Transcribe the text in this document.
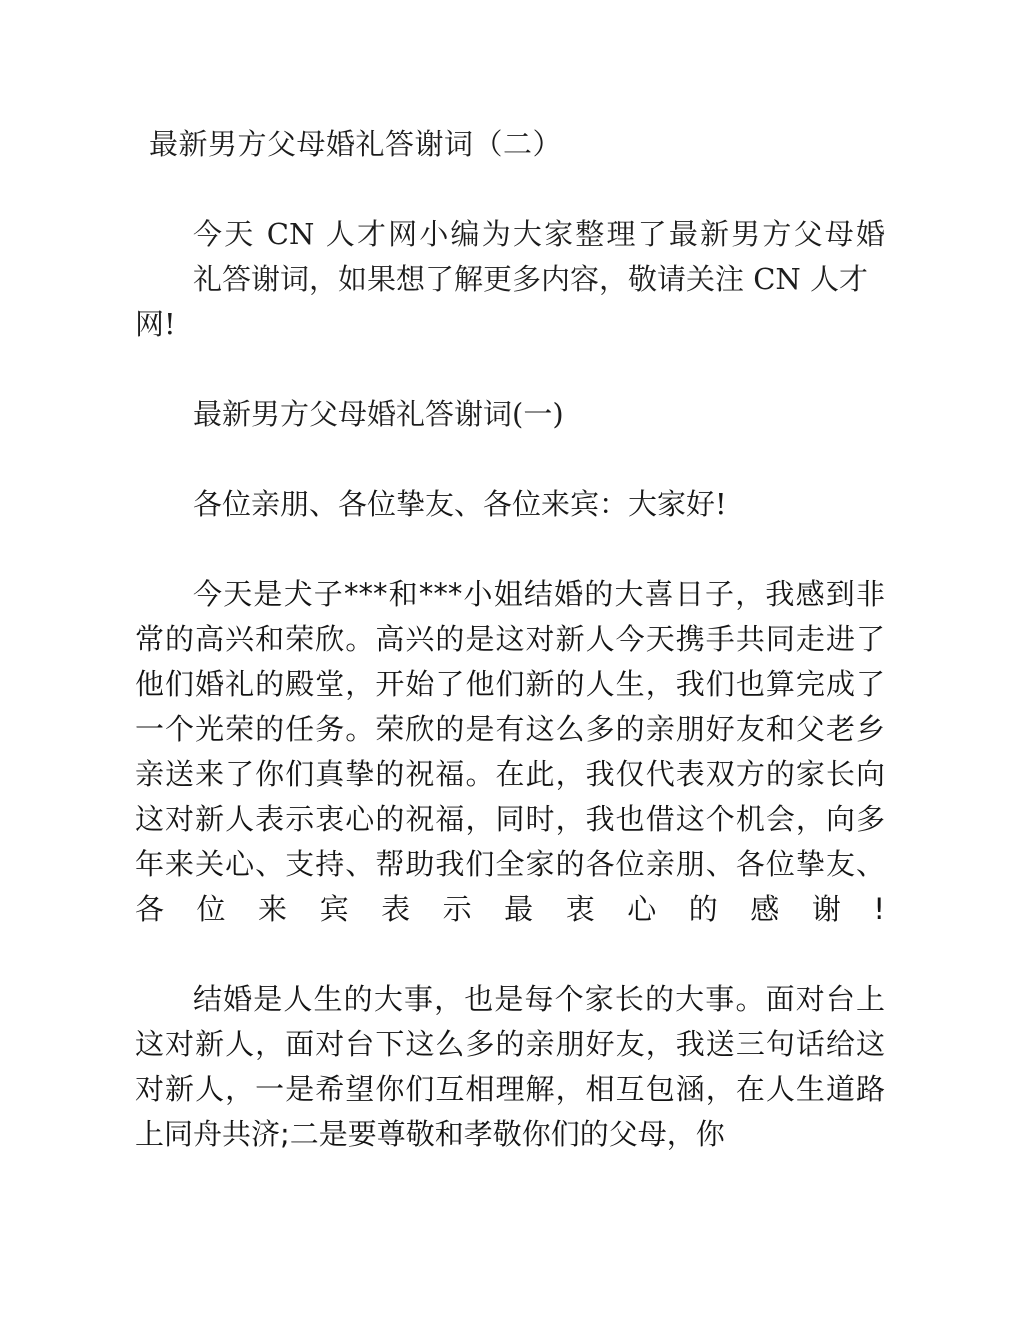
最新男方父母婚礼答谢词（二）

今天 CN 人才网小编为大家整理了最新男方父母婚

礼答谢词，如果想了解更多内容，敬请关注 CN 人才网!

最新男方父母婚礼答谢词(一)

各位亲朋、各位挚友、各位来宾：大家好!

今天是犬子***和***小姐结婚的大喜日子，我感到非常的高兴和荣欣。高兴的是这对新人今天携手共同走进了他们婚礼的殿堂，开始了他们新的人生，我们也算完成了一个光荣的任务。荣欣的是有这么多的亲朋好友和父老乡亲送来了你们真挚的祝福。在此，我仅代表双方的家长向这对新人表示衷心的祝福，同时，我也借这个机会，向多年来关心、支持、帮助我们全家的各位亲朋、各位挚友、各位来宾表示最衷心的感谢!

结婚是人生的大事，也是每个家长的大事。面对台上这对新人，面对台下这么多的亲朋好友，我送三句话给这对新人，一是希望你们互相理解，相互包涵，在人生道路上同舟共济;二是要尊敬和孝敬你们的父母，你
